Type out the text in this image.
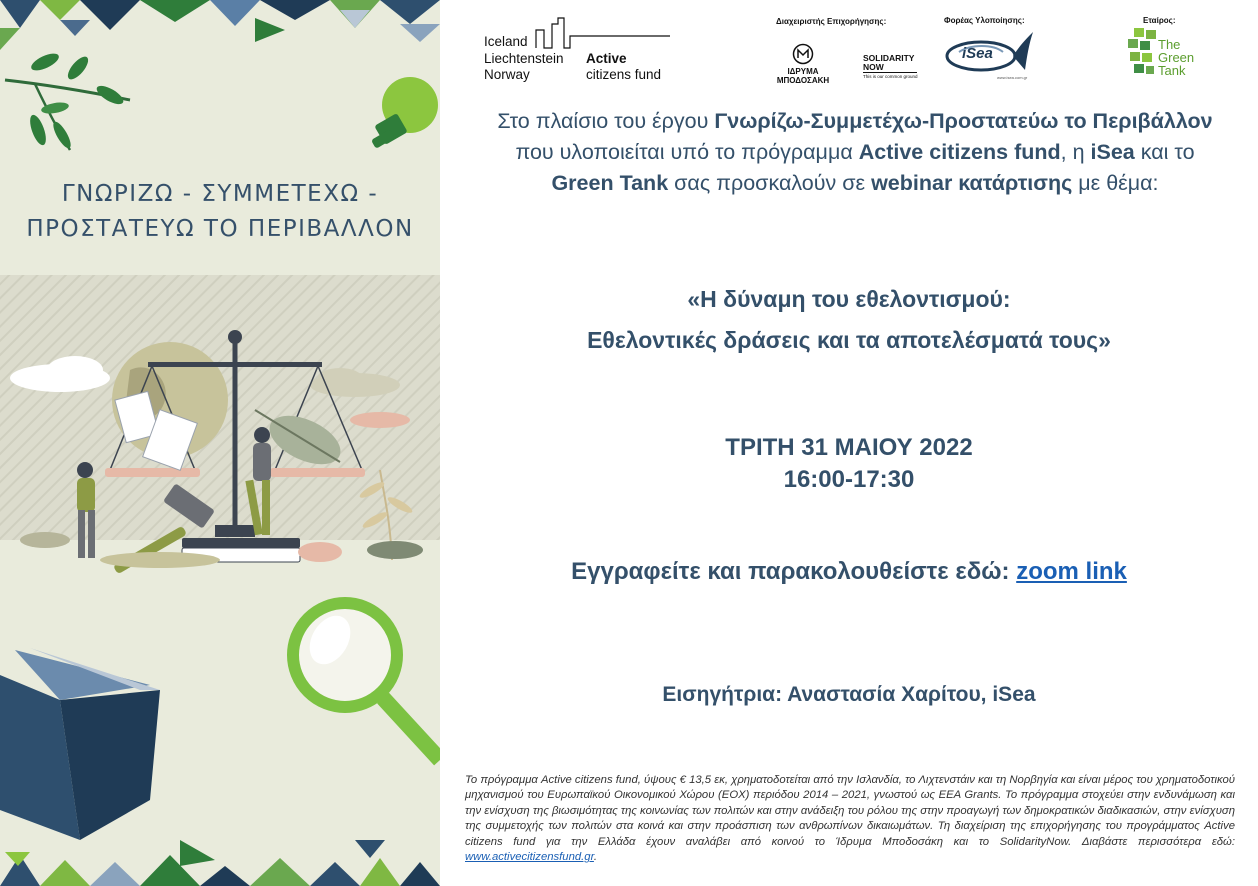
ΓΝΩΡΙΖΩ - ΣΥΜΜΕΤΕΧΩ -
ΠΡΟΣΤΑΤΕΥΩ ΤΟ ΠΕΡΙΒΑΛΛΟΝ
Iceland
Liechtenstein
Norway
Active
citizens fund
Διαχειριστής Επιχορήγησης:
ΙΔΡΥΜΑ
ΜΠΟΔΟΣΑΚΗ
SOLIDARITY
NOW
This is our common ground
Φορέας Υλοποίησης:
iSea
www.isea.com.gr
Εταίρος:
The
Green
Tank
Στο πλαίσιο του έργου Γνωρίζω-Συμμετέχω-Προστατεύω το Περιβάλλον
που υλοποιείται υπό το πρόγραμμα Active citizens fund, η iSea και το
Green Tank σας προσκαλούν σε webinar κατάρτισης με θέμα:
«Η δύναμη του εθελοντισμού:
Εθελοντικές δράσεις και τα αποτελέσματά τους»
ΤΡΙΤΗ 31 ΜΑΙΟΥ 2022
16:00-17:30
Εγγραφείτε και παρακολουθείστε εδώ: zoom link
Εισηγήτρια: Αναστασία Χαρίτου, iSea
Το πρόγραμμα Active citizens fund, ύψους € 13,5 εκ, χρηματοδοτείται από την Ισλανδία, το Λιχτενστάιν και τη Νορβηγία και είναι μέρος του χρηματοδοτικού μηχανισμού του Ευρωπαϊκού Οικονομικού Χώρου (ΕΟΧ) περιόδου 2014 – 2021, γνωστού ως ΕΕΑ Grants. Το πρόγραμμα στοχεύει στην ενδυνάμωση και την ενίσχυση της βιωσιμότητας της κοινωνίας των πολιτών και στην ανάδειξη του ρόλου της στην προαγωγή των δημοκρατικών διαδικασιών, στην ενίσχυση της συμμετοχής των πολιτών στα κοινά και στην προάσπιση των ανθρωπίνων δικαιωμάτων. Τη διαχείριση της επιχορήγησης του προγράμματος Active citizens fund για την Ελλάδα έχουν αναλάβει από κοινού το Ίδρυμα Μποδοσάκη και το SolidarityNow. Διαβάστε περισσότερα εδώ: www.activecitizensfund.gr.
